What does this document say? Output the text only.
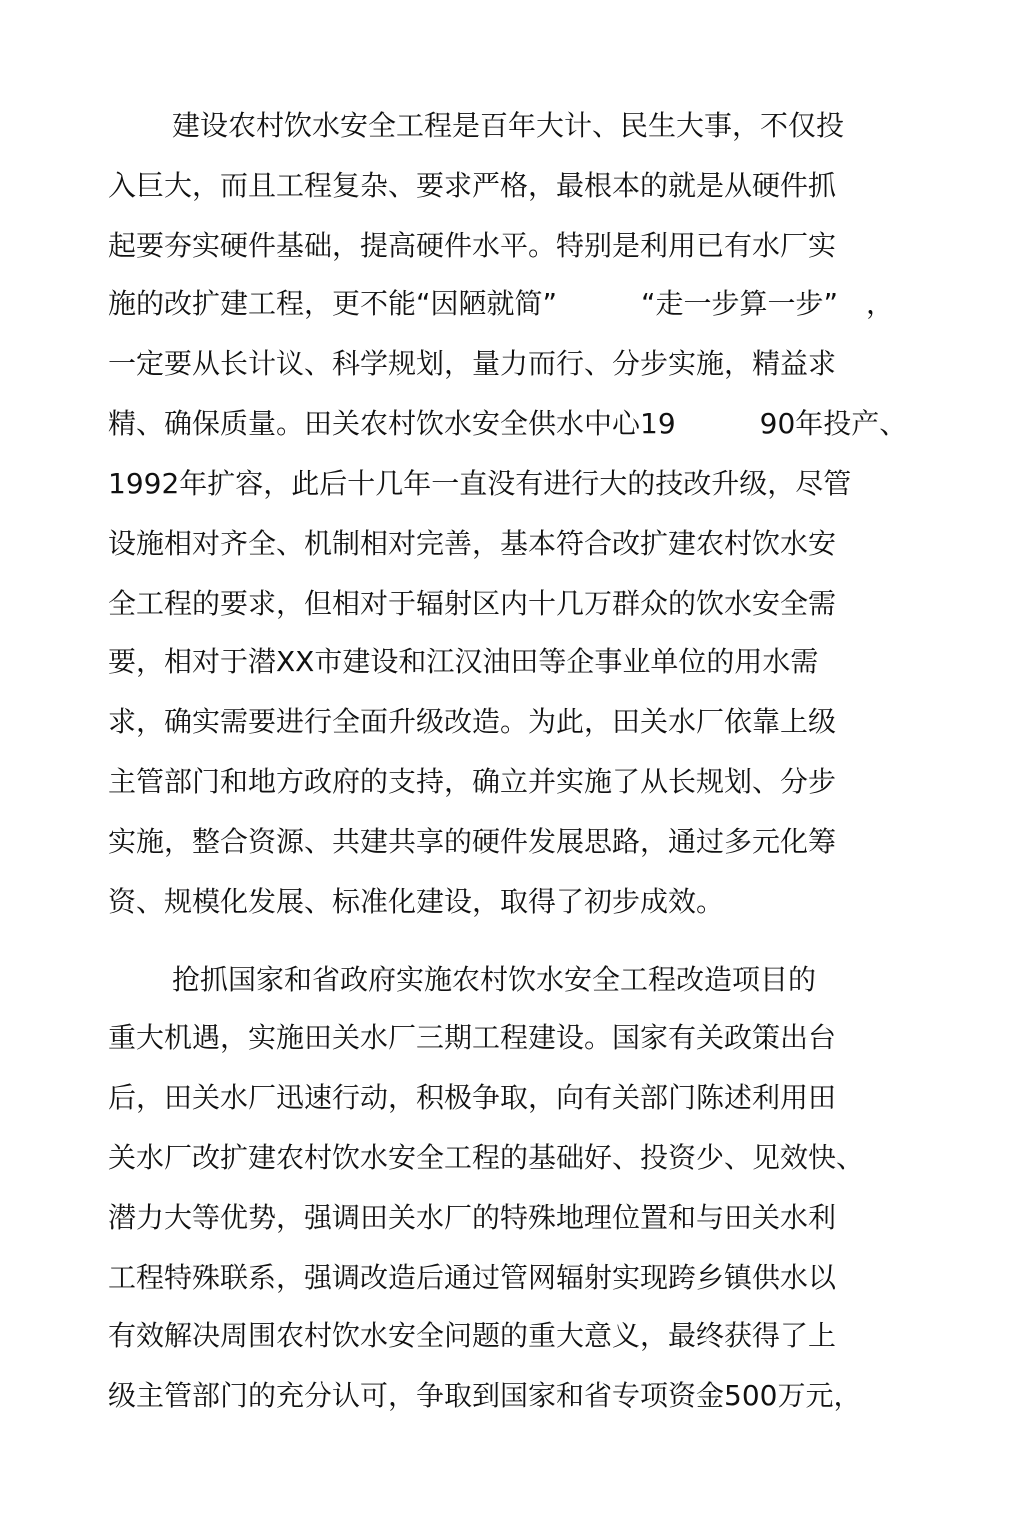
建设农村饮水安全工程是百年大计、民生大事，不仅投
入巨大，而且工程复杂、要求严格，最根本的就是从硬件抓
起要夯实硬件基础，提高硬件水平。特别是利用已有水厂实
施的改扩建工程，更不能“因陋就简”　　　“走一步算一步”　，
一定要从长计议、科学规划，量力而行、分步实施，精益求
精、确保质量。田关农村饮水安全供水中心19　　　90年投产、
1992年扩容，此后十几年一直没有进行大的技改升级，尽管
设施相对齐全、机制相对完善，基本符合改扩建农村饮水安
全工程的要求，但相对于辐射区内十几万群众的饮水安全需
要，相对于潜XX市建设和江汉油田等企事业单位的用水需
求，确实需要进行全面升级改造。为此，田关水厂依靠上级
主管部门和地方政府的支持，确立并实施了从长规划、分步
实施，整合资源、共建共享的硬件发展思路，通过多元化筹
资、规模化发展、标准化建设，取得了初步成效。
抢抓国家和省政府实施农村饮水安全工程改造项目的
重大机遇，实施田关水厂三期工程建设。国家有关政策出台
后，田关水厂迅速行动，积极争取，向有关部门陈述利用田
关水厂改扩建农村饮水安全工程的基础好、投资少、见效快、
潜力大等优势，强调田关水厂的特殊地理位置和与田关水利
工程特殊联系，强调改造后通过管网辐射实现跨乡镇供水以
有效解决周围农村饮水安全问题的重大意义，最终获得了上
级主管部门的充分认可，争取到国家和省专项资金500万元，
